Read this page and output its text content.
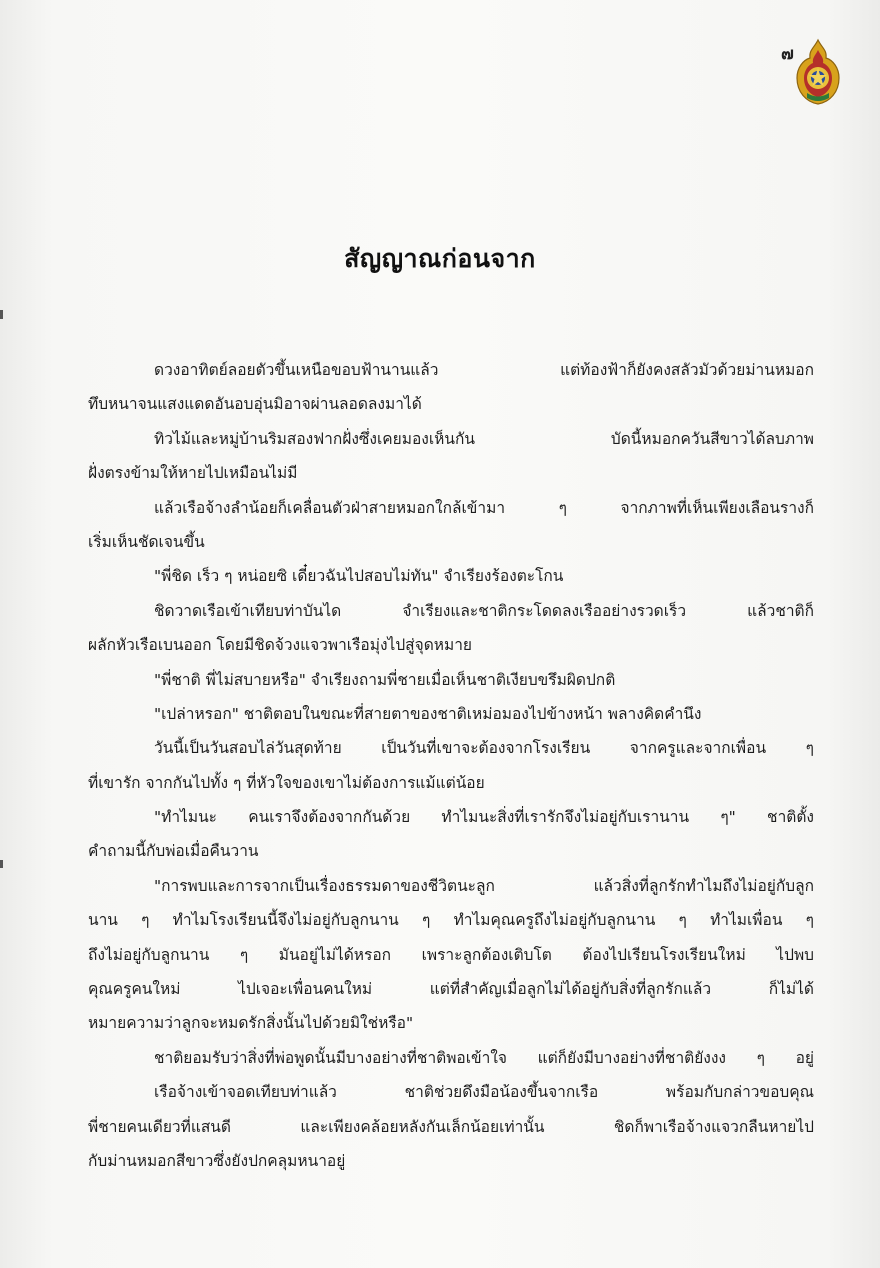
๗
สัญญาณก่อนจาก
ดวงอาทิตย์ลอยตัวขึ้นเหนือขอบฟ้านานแล้ว แต่ท้องฟ้าก็ยังคงสลัวมัวด้วยม่านหมอก
ทึบหนาจนแสงแดดอันอบอุ่นมิอาจผ่านลอดลงมาได้
ทิวไม้และหมู่บ้านริมสองฟากฝั่งซึ่งเคยมองเห็นกัน บัดนี้หมอกควันสีขาวได้ลบภาพ
ฝั่งตรงข้ามให้หายไปเหมือนไม่มี
แล้วเรือจ้างลำน้อยก็เคลื่อนตัวฝ่าสายหมอกใกล้เข้ามา ๆ จากภาพที่เห็นเพียงเลือนรางก็
เริ่มเห็นชัดเจนขึ้น
"พี่ชิด เร็ว ๆ หน่อยซิ เดี๋ยวฉันไปสอบไม่ทัน" จำเรียงร้องตะโกน
ชิดวาดเรือเข้าเทียบท่าบันได จำเรียงและชาติกระโดดลงเรืออย่างรวดเร็ว แล้วชาติก็
ผลักหัวเรือเบนออก โดยมีชิดจ้วงแจวพาเรือมุ่งไปสู่จุดหมาย
"พี่ชาติ พี่ไม่สบายหรือ" จำเรียงถามพี่ชายเมื่อเห็นชาติเงียบขรึมผิดปกติ
"เปล่าหรอก" ชาติตอบในขณะที่สายตาของชาติเหม่อมองไปข้างหน้า พลางคิดคำนึง
วันนี้เป็นวันสอบไล่วันสุดท้าย เป็นวันที่เขาจะต้องจากโรงเรียน จากครูและจากเพื่อน ๆ
ที่เขารัก จากกันไปทั้ง ๆ ที่หัวใจของเขาไม่ต้องการแม้แต่น้อย
"ทำไมนะ คนเราจึงต้องจากกันด้วย ทำไมนะสิ่งที่เรารักจึงไม่อยู่กับเรานาน ๆ" ชาติตั้ง
คำถามนี้กับพ่อเมื่อคืนวาน
"การพบและการจากเป็นเรื่องธรรมดาของชีวิตนะลูก แล้วสิ่งที่ลูกรักทำไมถึงไม่อยู่กับลูก
นาน ๆ ทำไมโรงเรียนนี้จึงไม่อยู่กับลูกนาน ๆ ทำไมคุณครูถึงไม่อยู่กับลูกนาน ๆ ทำไมเพื่อน ๆ
ถึงไม่อยู่กับลูกนาน ๆ มันอยู่ไม่ได้หรอก เพราะลูกต้องเติบโต ต้องไปเรียนโรงเรียนใหม่ ไปพบ
คุณครูคนใหม่ ไปเจอะเพื่อนคนใหม่ แต่ที่สำคัญเมื่อลูกไม่ได้อยู่กับสิ่งที่ลูกรักแล้ว ก็ไม่ได้
หมายความว่าลูกจะหมดรักสิ่งนั้นไปด้วยมิใช่หรือ"
ชาติยอมรับว่าสิ่งที่พ่อพูดนั้นมีบางอย่างที่ชาติพอเข้าใจ แต่ก็ยังมีบางอย่างที่ชาติยังงง ๆ อยู่
เรือจ้างเข้าจอดเทียบท่าแล้ว ชาติช่วยดึงมือน้องขึ้นจากเรือ พร้อมกับกล่าวขอบคุณ
พี่ชายคนเดียวที่แสนดี และเพียงคล้อยหลังกันเล็กน้อยเท่านั้น ชิดก็พาเรือจ้างแจวกลืนหายไป
กับม่านหมอกสีขาวซึ่งยังปกคลุมหนาอยู่
